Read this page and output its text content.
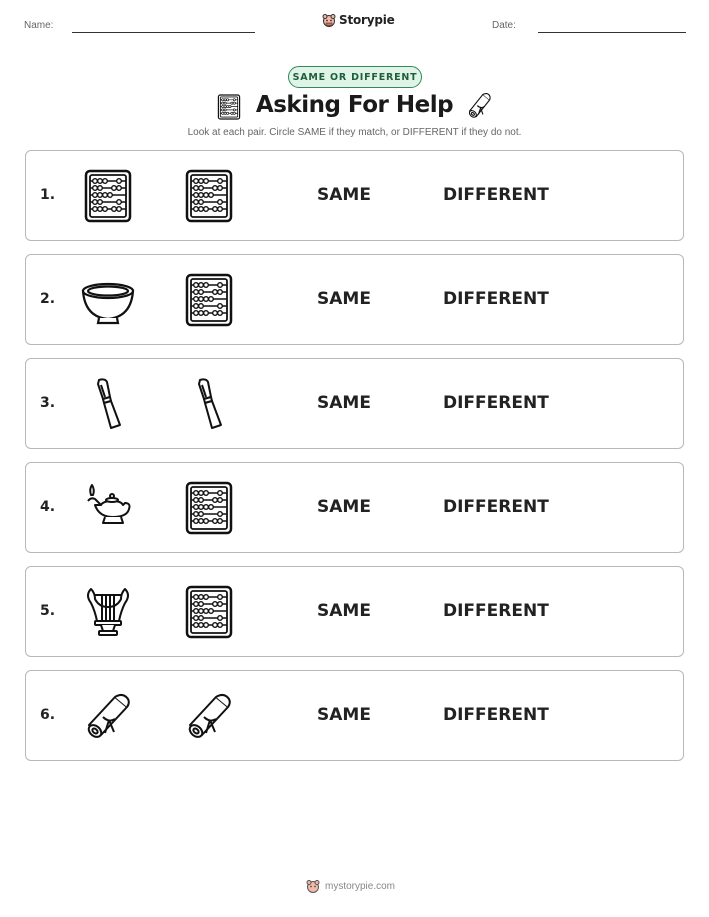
Name:	Storypie	Date:
SAME OR DIFFERENT
Asking For Help
Look at each pair. Circle SAME if they match, or DIFFERENT if they do not.
1.	SAME	DIFFERENT
2.	SAME	DIFFERENT
3.	SAME	DIFFERENT
4.	SAME	DIFFERENT
5.	SAME	DIFFERENT
6.	SAME	DIFFERENT
mystorypie.com
